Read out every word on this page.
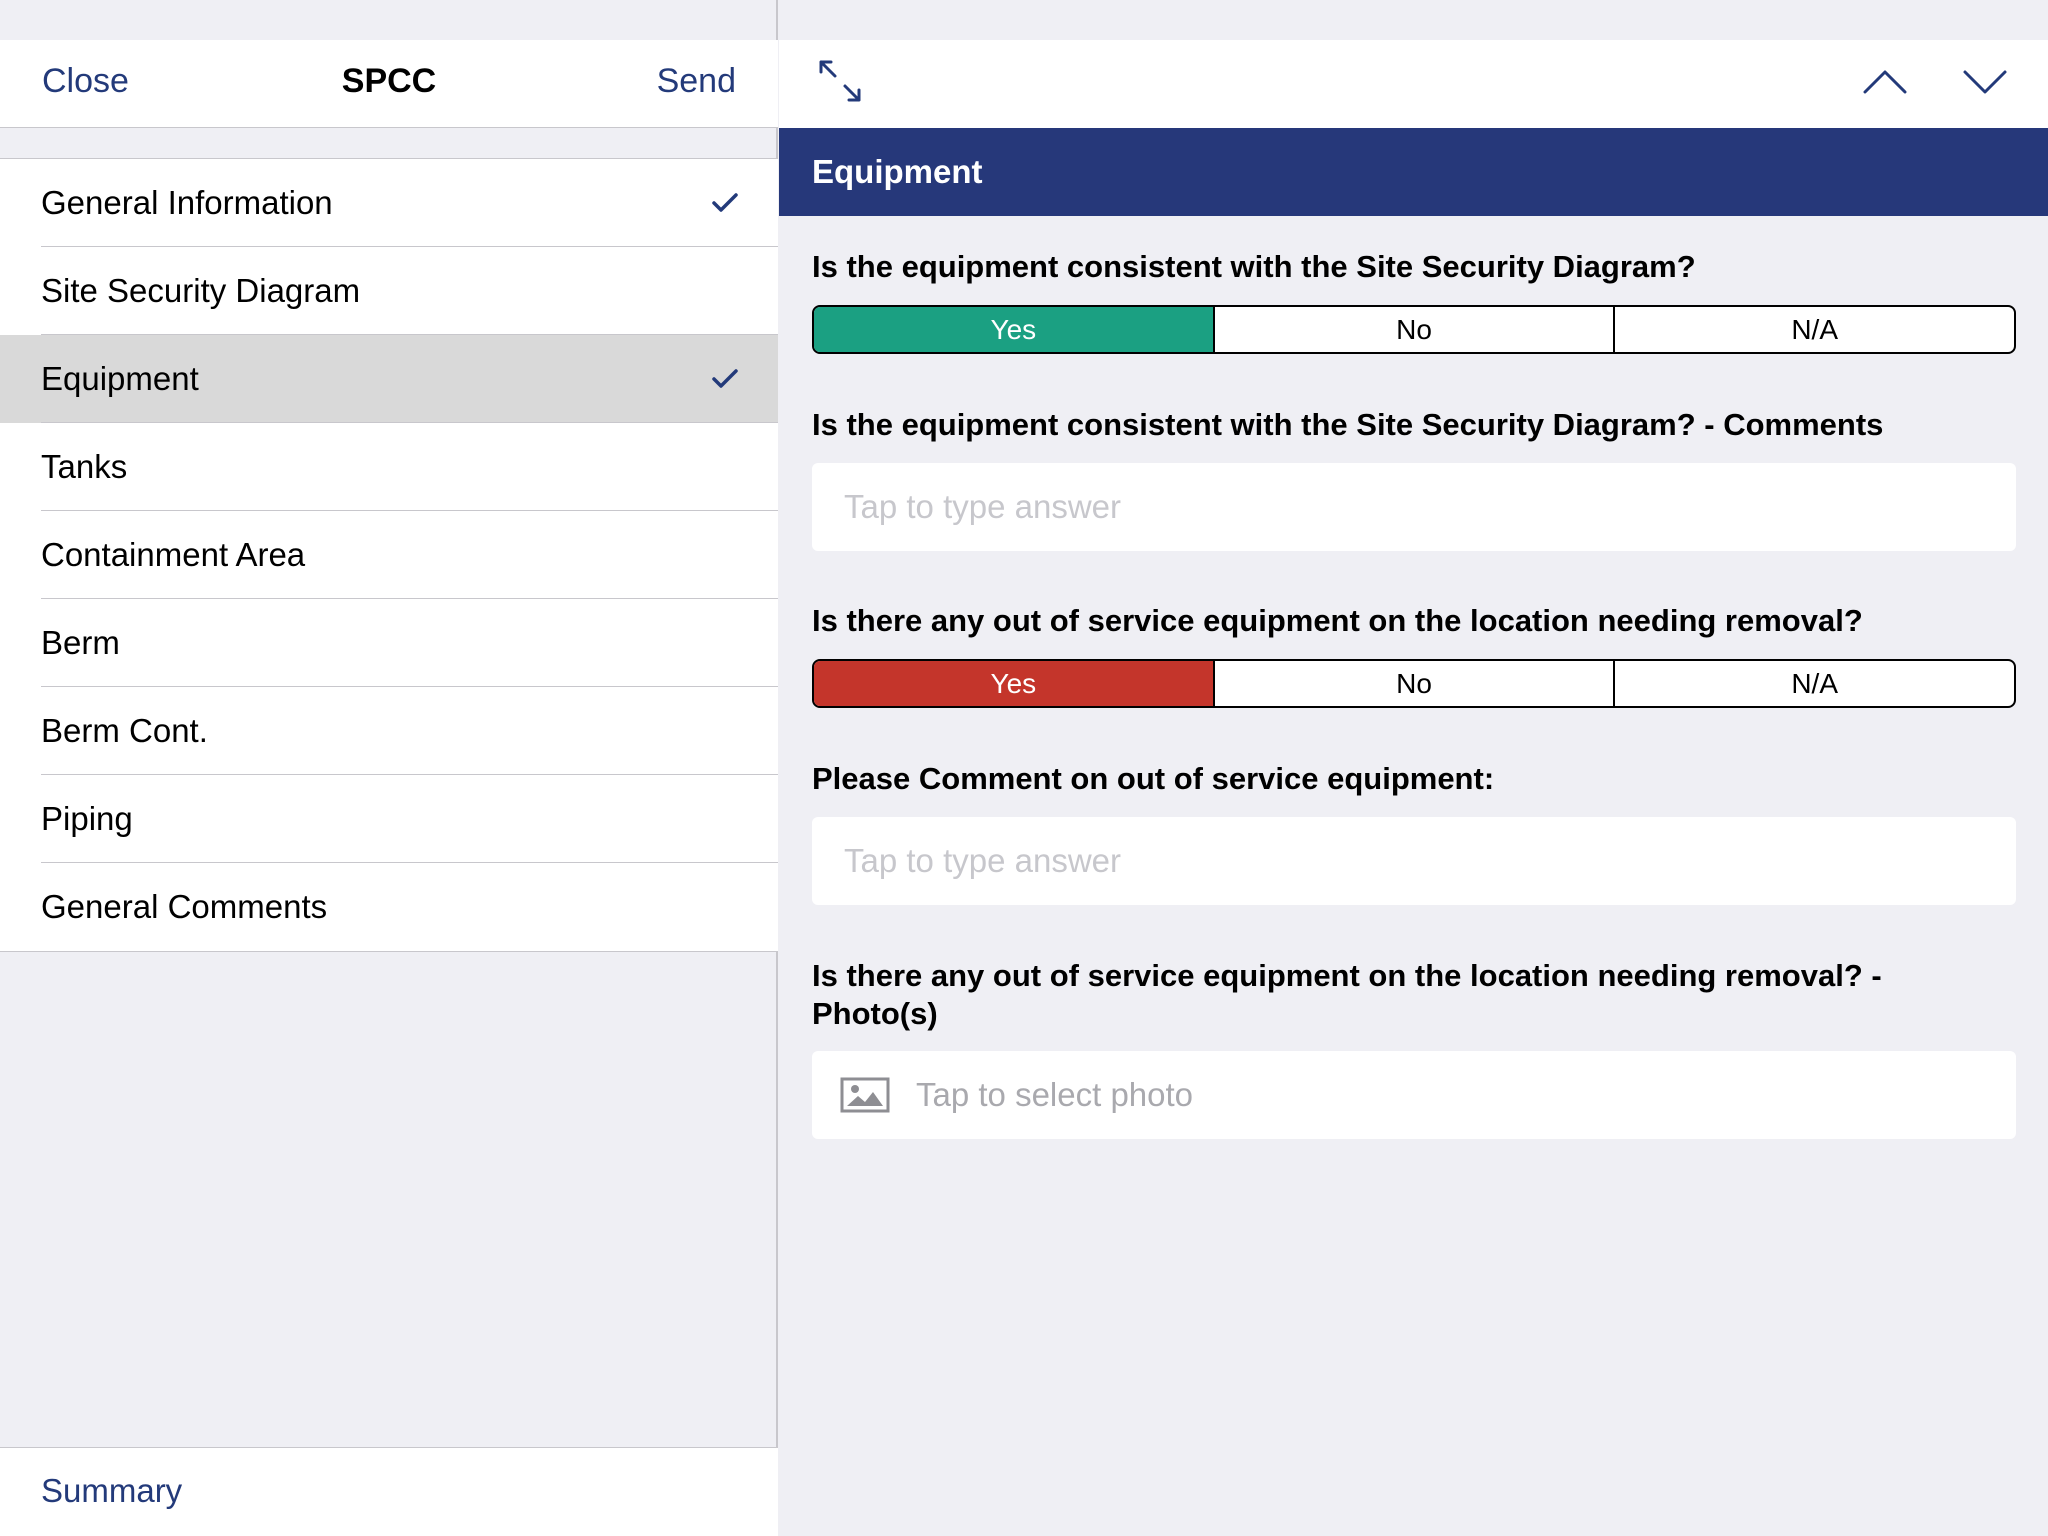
Close	SPCC	Send
General Information
Site Security Diagram
Equipment
Tanks
Containment Area
Berm
Berm Cont.
Piping
General Comments
Summary
Equipment
Is the equipment consistent with the Site Security Diagram?
Yes	No	N/A
Is the equipment consistent with the Site Security Diagram? - Comments
Tap to type answer
Is there any out of service equipment on the location needing removal?
Yes	No	N/A
Please Comment on out of service equipment:
Tap to type answer
Is there any out of service equipment on the location needing removal? - Photo(s)
Tap to select photo
